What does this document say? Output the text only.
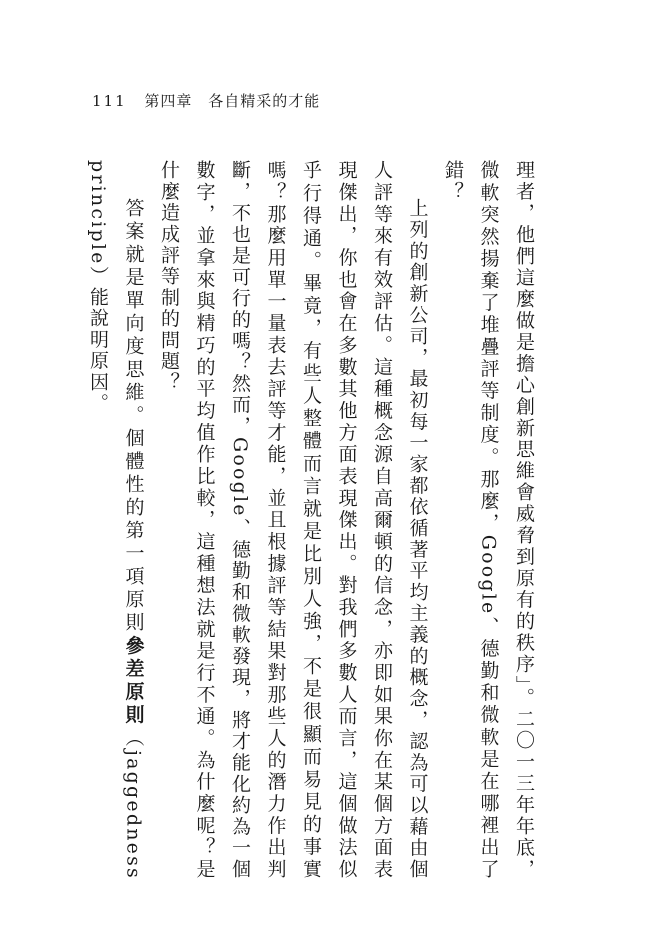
111 第四章 各自精采的才能

理者，他們這麼做是擔心創新思維會威脅到原有的秩序」。二〇一三年年底，微軟突然揚棄了堆疊評等制度。那麼，Google、德勤和微軟是在哪裡出了錯？

上列的創新公司，最初每一家都依循著平均主義的概念，認為可以藉由個人評等來有效評估。這種概念源自高爾頓的信念，亦即如果你在某個方面表現傑出，你也會在多數其他方面表現傑出。對我們多數人而言，這個做法似乎行得通。畢竟，有些人整體而言就是比別人強，不是很顯而易見的事實嗎？那麼用單一量表去評等才能，並且根據評等結果對那些人的潛力作出判斷，不也是可行的嗎？然而，Google、德勤和微軟發現，將才能化約為一個數字，並拿來與精巧的平均值作比較，這種想法就是行不通。為什麼呢？是什麼造成評等制的問題？

答案就是單向度思維。個體性的第一項原則參差原則（jaggedness principle）能說明原因。
